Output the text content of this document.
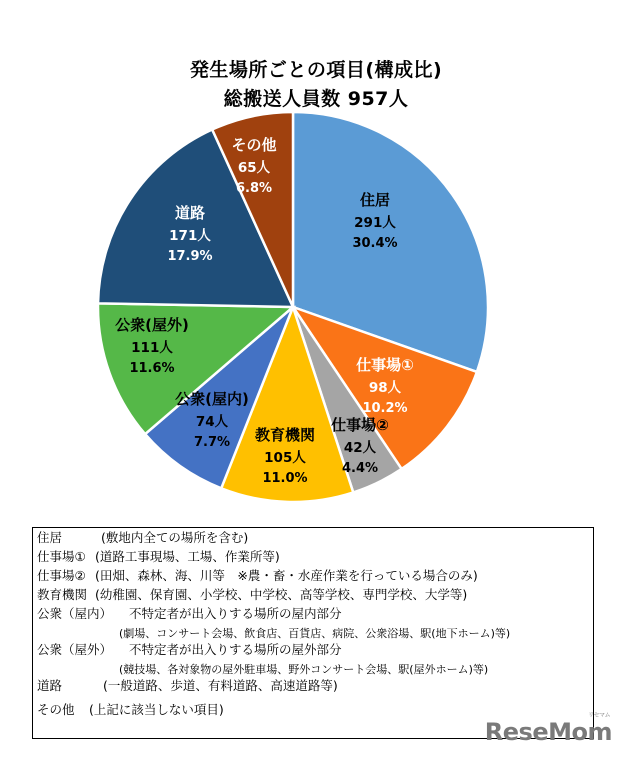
発生場所ごとの項目(構成比)
総搬送人員数 957人
住居
291人
30.4%
仕事場①
98人
10.2%
仕事場②
42人
4.4%
教育機関
105人
11.0%
公衆(屋内)
74人
7.7%
公衆(屋外)
111人
11.6%
道路
171人
17.9%
その他
65人
6.8%
住居	(敷地内全ての場所を含む)
仕事場① (道路工事現場、工場、作業所等)
仕事場② (田畑、森林、海、川等　※農・畜・水産作業を行っている場合のみ)
教育機関 (幼稚園、保育園、小学校、中学校、高等学校、専門学校、大学等)
公衆（屋内） 不特定者が出入りする場所の屋内部分
(劇場、コンサート会場、飲食店、百貨店、病院、公衆浴場、駅(地下ホーム)等)
公衆（屋外） 不特定者が出入りする場所の屋外部分
(競技場、各対象物の屋外駐車場、野外コンサート会場、駅(屋外ホーム)等)
道路	(一般道路、歩道、有料道路、高速道路等)
その他 (上記に該当しない項目)
ReseMom
リセマム
